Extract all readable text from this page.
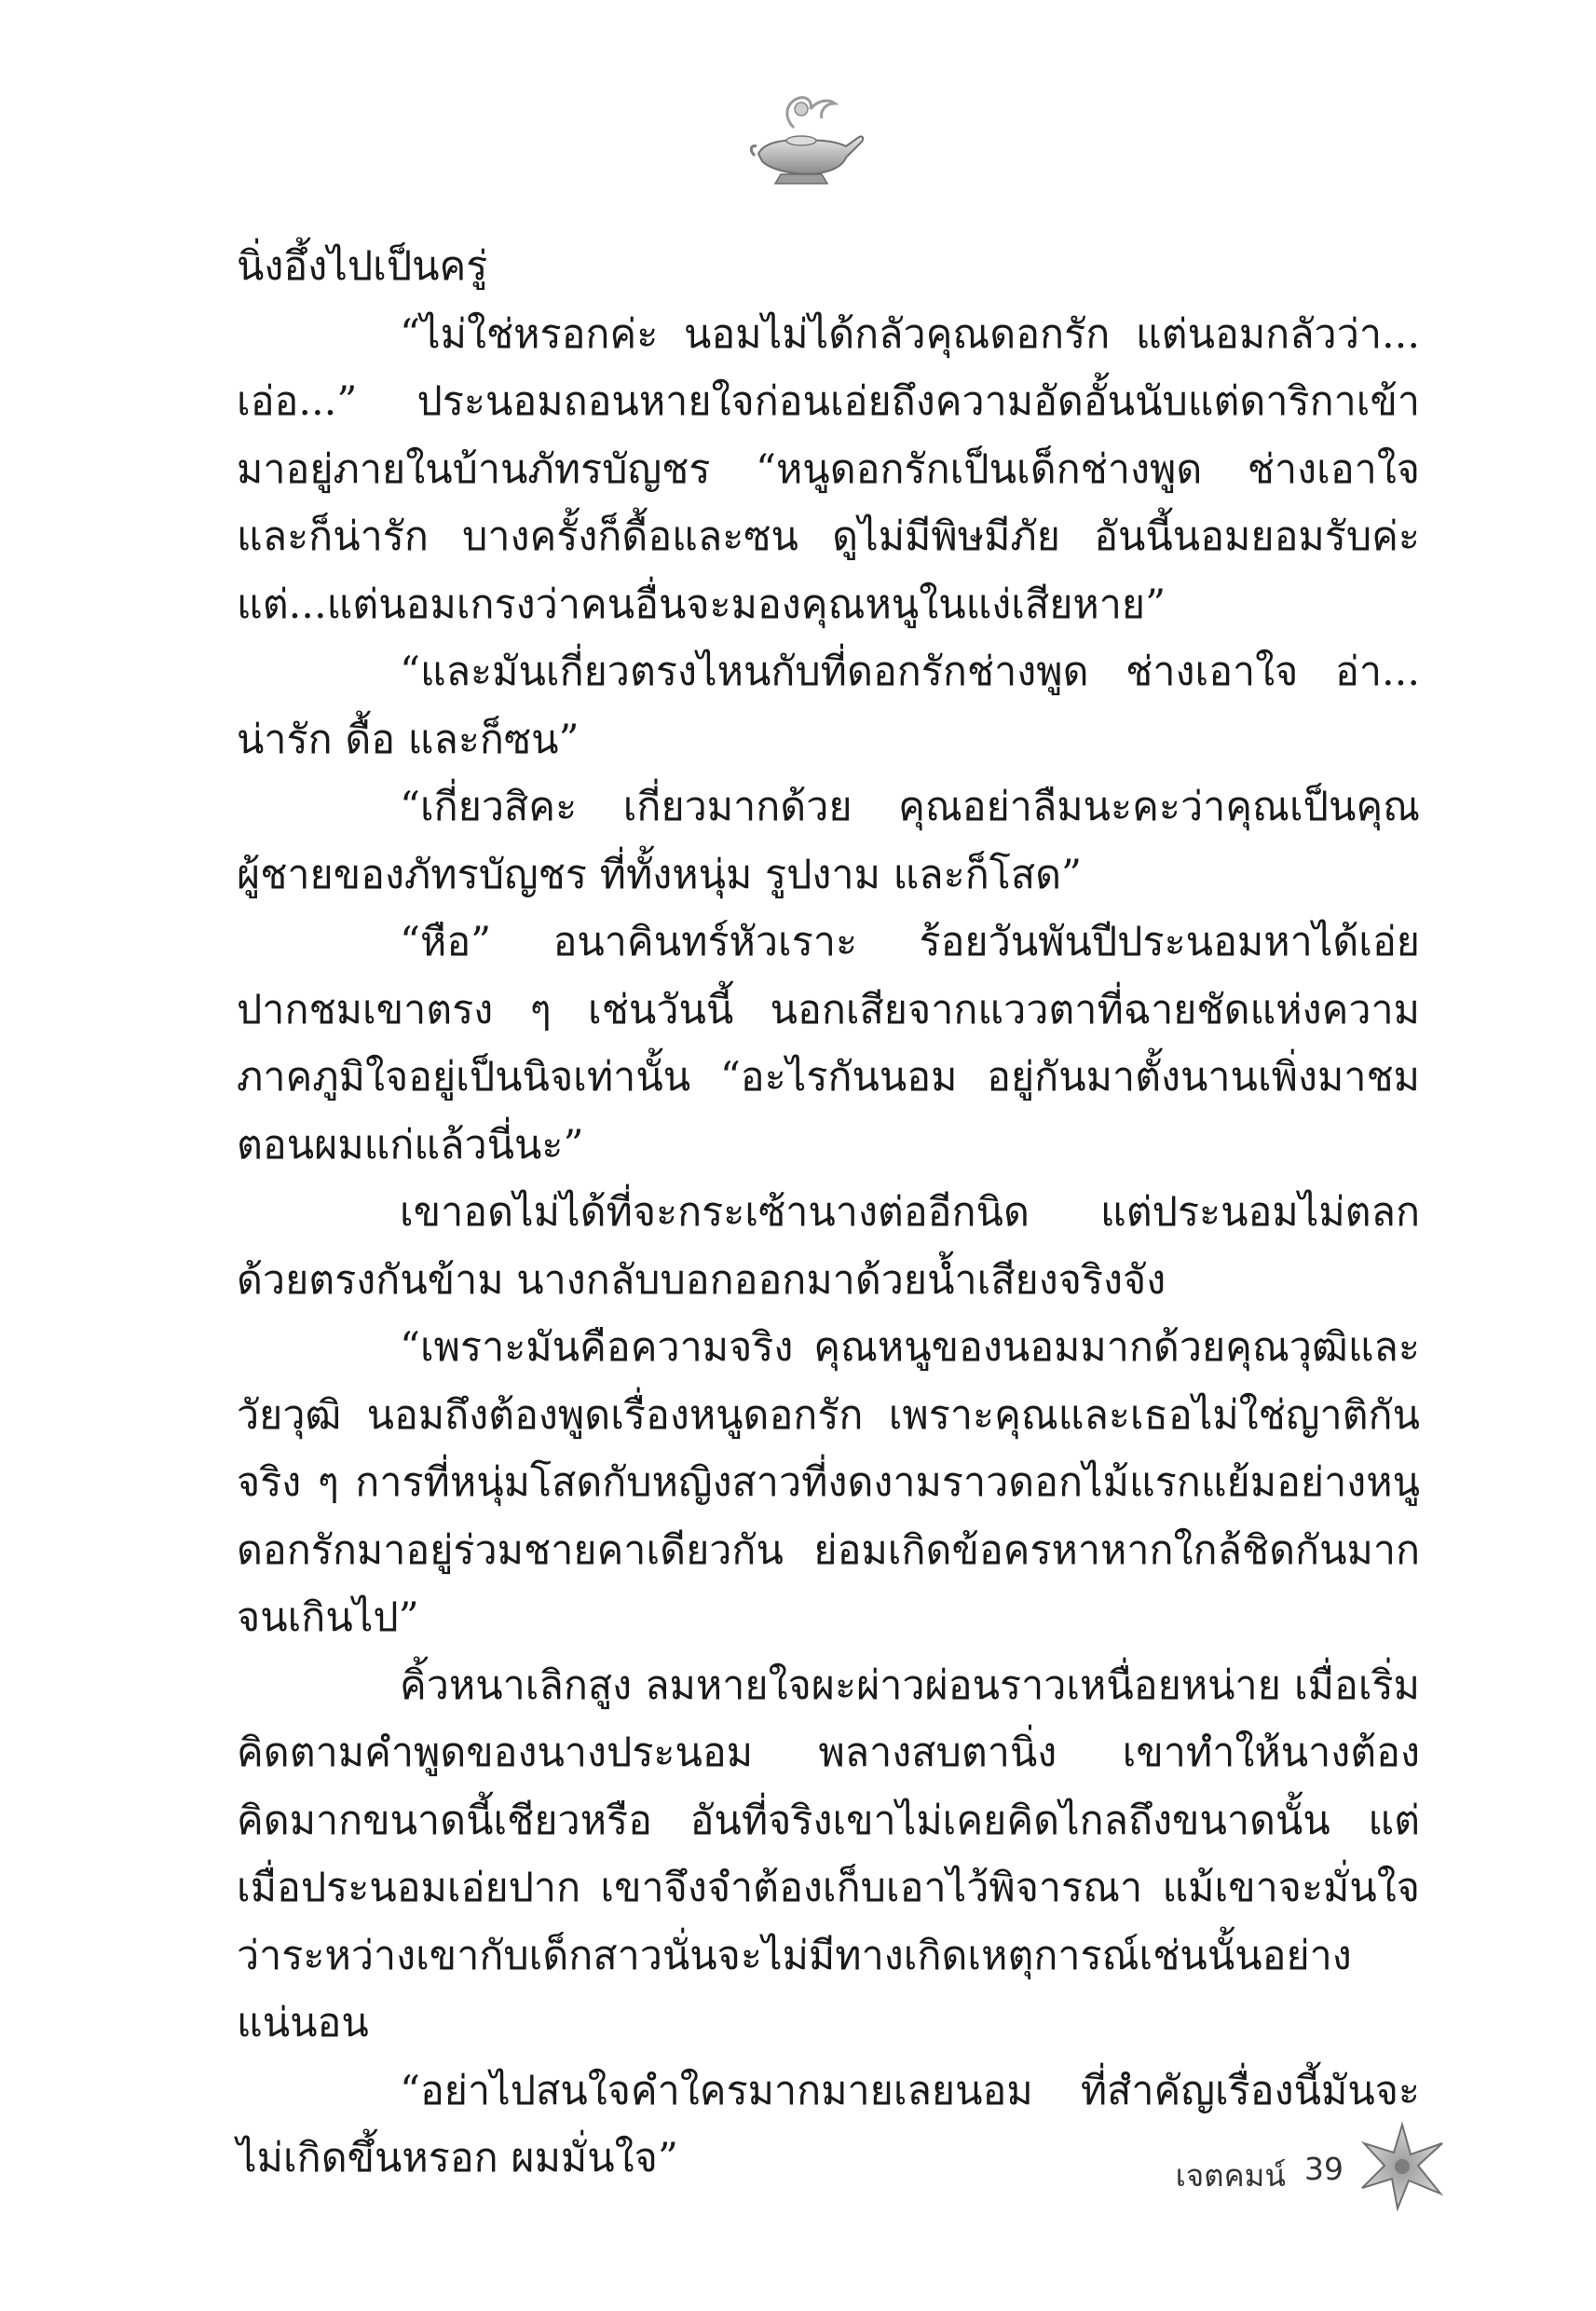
นิ่งอึ้งไปเป็นครู่

“ไม่ใช่หรอกค่ะ นอมไม่ได้กลัวคุณดอกรัก แต่นอมกลัวว่า... เอ่อ...” ประนอมถอนหายใจก่อนเอ่ยถึงความอัดอั้นนับแต่ดาริกาเข้ามาอยู่ภายในบ้านภัทรบัญชร “หนูดอกรักเป็นเด็กช่างพูด ช่างเอาใจ และก็น่ารัก บางครั้งก็ดื้อและซน ดูไม่มีพิษมีภัย อันนี้นอมยอมรับค่ะ แต่...แต่นอมเกรงว่าคนอื่นจะมองคุณหนูในแง่เสียหาย”

“และมันเกี่ยวตรงไหนกับที่ดอกรักช่างพูด ช่างเอาใจ อ่า... น่ารัก ดื้อ และก็ซน”

“เกี่ยวสิคะ เกี่ยวมากด้วย คุณอย่าลืมนะคะว่าคุณเป็นคุณผู้ชายของภัทรบัญชร ที่ทั้งหนุ่ม รูปงาม และก็โสด”

“หือ” อนาคินทร์หัวเราะ ร้อยวันพันปีประนอมหาได้เอ่ยปากชมเขาตรง ๆ เช่นวันนี้ นอกเสียจากแววตาที่ฉายชัดแห่งความภาคภูมิใจอยู่เป็นนิจเท่านั้น “อะไรกันนอม อยู่กันมาตั้งนานเพิ่งมาชมตอนผมแก่แล้วนี่นะ”

เขาอดไม่ได้ที่จะกระเซ้านางต่ออีกนิด แต่ประนอมไม่ตลกด้วยตรงกันข้าม นางกลับบอกออกมาด้วยน้ำเสียงจริงจัง

“เพราะมันคือความจริง คุณหนูของนอมมากด้วยคุณวุฒิและวัยวุฒิ นอมถึงต้องพูดเรื่องหนูดอกรัก เพราะคุณและเธอไม่ใช่ญาติกันจริง ๆ การที่หนุ่มโสดกับหญิงสาวที่งดงามราวดอกไม้แรกแย้มอย่างหนูดอกรักมาอยู่ร่วมชายคาเดียวกัน ย่อมเกิดข้อครหาหากใกล้ชิดกันมากจนเกินไป”

คิ้วหนาเลิกสูง ลมหายใจผะผ่าวผ่อนราวเหนื่อยหน่าย เมื่อเริ่มคิดตามคำพูดของนางประนอม พลางสบตานิ่ง เขาทำให้นางต้องคิดมากขนาดนี้เชียวหรือ อันที่จริงเขาไม่เคยคิดไกลถึงขนาดนั้น แต่เมื่อประนอมเอ่ยปาก เขาจึงจำต้องเก็บเอาไว้พิจารณา แม้เขาจะมั่นใจว่าระหว่างเขากับเด็กสาวนั่นจะไม่มีทางเกิดเหตุการณ์เช่นนั้นอย่างแน่นอน

“อย่าไปสนใจคำใครมากมายเลยนอม ที่สำคัญเรื่องนี้มันจะไม่เกิดขึ้นหรอก ผมมั่นใจ”	เจตคมน์ 39
